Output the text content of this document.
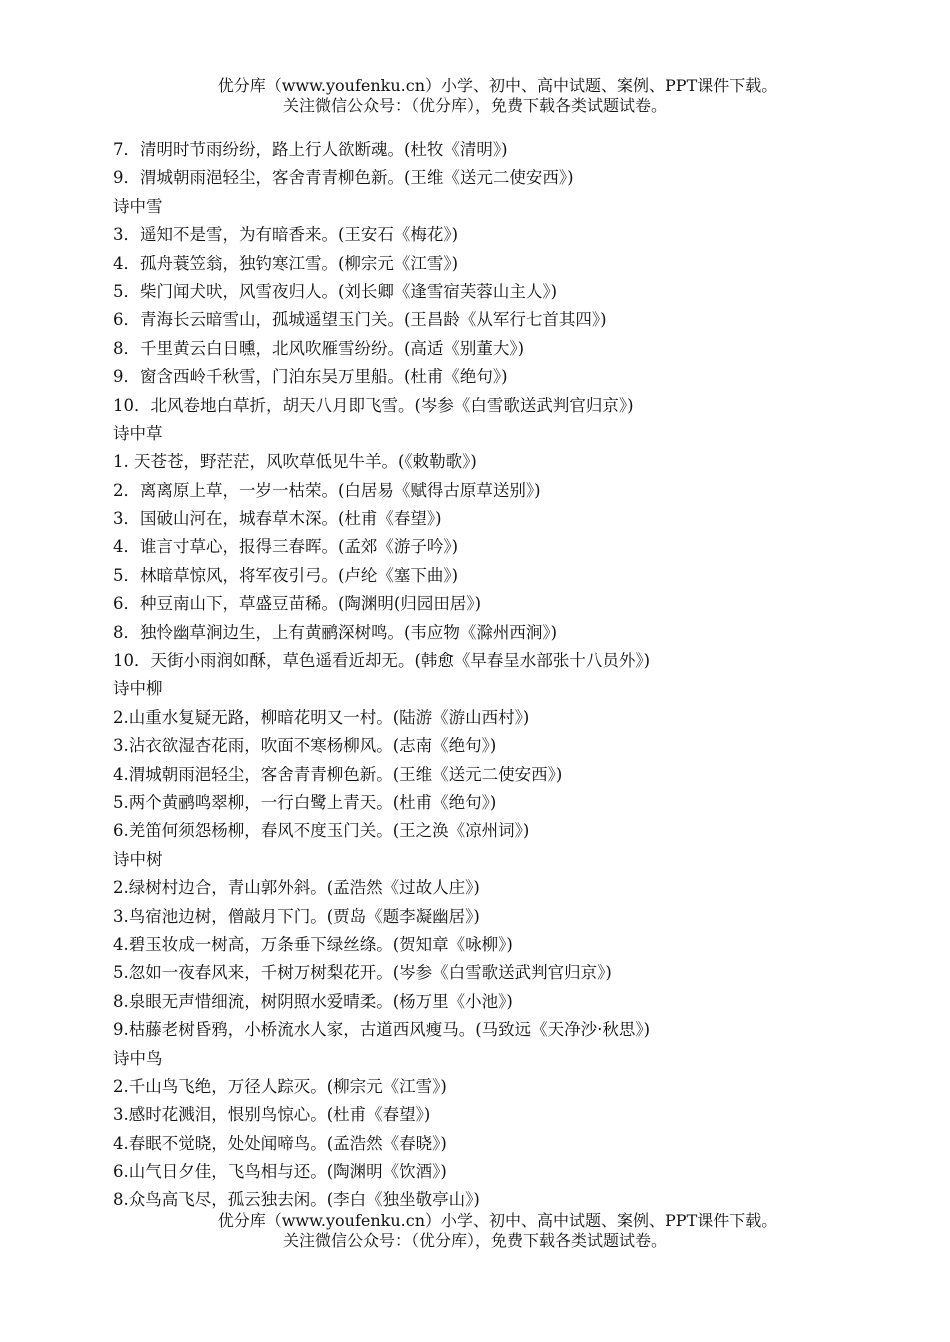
优分库（www.youfenku.cn）小学、初中、高中试题、案例、PPT课件下载。
关注微信公众号：（优分库），免费下载各类试题试卷。
7．清明时节雨纷纷，路上行人欲断魂。(杜牧《清明》)
9．渭城朝雨浥轻尘，客舍青青柳色新。(王维《送元二使安西》)
诗中雪
3．遥知不是雪，为有暗香来。(王安石《梅花》)
4．孤舟蓑笠翁，独钓寒江雪。(柳宗元《江雪》)
5．柴门闻犬吠，风雪夜归人。(刘长卿《逢雪宿芙蓉山主人》)
6．青海长云暗雪山，孤城遥望玉门关。(王昌龄《从军行七首其四》)
8．千里黄云白日曛，北风吹雁雪纷纷。(高适《别董大》)
9．窗含西岭千秋雪，门泊东吴万里船。(杜甫《绝句》)
10．北风卷地白草折，胡天八月即飞雪。(岑参《白雪歌送武判官归京》)
诗中草
1. 天苍苍，野茫茫，风吹草低见牛羊。(《敕勒歌》)
2．离离原上草，一岁一枯荣。(白居易《赋得古原草送别》)
3．国破山河在，城春草木深。(杜甫《春望》)
4．谁言寸草心，报得三春晖。(孟郊《游子吟》)
5．林暗草惊风，将军夜引弓。(卢纶《塞下曲》)
6．种豆南山下，草盛豆苗稀。(陶渊明(归园田居》)
8．独怜幽草涧边生，上有黄鹂深树鸣。(韦应物《滁州西涧》)
10．天街小雨润如酥，草色遥看近却无。(韩愈《早春呈水部张十八员外》)
诗中柳
2.山重水复疑无路，柳暗花明又一村。(陆游《游山西村》)
3.沾衣欲湿杏花雨，吹面不寒杨柳风。(志南《绝句》)
4.渭城朝雨浥轻尘，客舍青青柳色新。(王维《送元二使安西》)
5.两个黄鹂鸣翠柳，一行白鹭上青天。(杜甫《绝句》)
6.羌笛何须怨杨柳，春风不度玉门关。(王之涣《凉州词》)
诗中树
2.绿树村边合，青山郭外斜。(孟浩然《过故人庄》)
3.鸟宿池边树，僧敲月下门。(贾岛《题李凝幽居》)
4.碧玉妆成一树高，万条垂下绿丝绦。(贺知章《咏柳》)
5.忽如一夜春风来，千树万树梨花开。(岑参《白雪歌送武判官归京》)
8.泉眼无声惜细流，树阴照水爱晴柔。(杨万里《小池》)
9.枯藤老树昏鸦，小桥流水人家，古道西风瘦马。(马致远《天净沙·秋思》)
诗中鸟
2.千山鸟飞绝，万径人踪灭。(柳宗元《江雪》)
3.感时花溅泪，恨别鸟惊心。(杜甫《春望》)
4.春眠不觉晓，处处闻啼鸟。(孟浩然《春晓》)
6.山气日夕佳，飞鸟相与还。(陶渊明《饮酒》)
8.众鸟高飞尽，孤云独去闲。(李白《独坐敬亭山》)
优分库（www.youfenku.cn）小学、初中、高中试题、案例、PPT课件下载。
关注微信公众号：（优分库），免费下载各类试题试卷。
